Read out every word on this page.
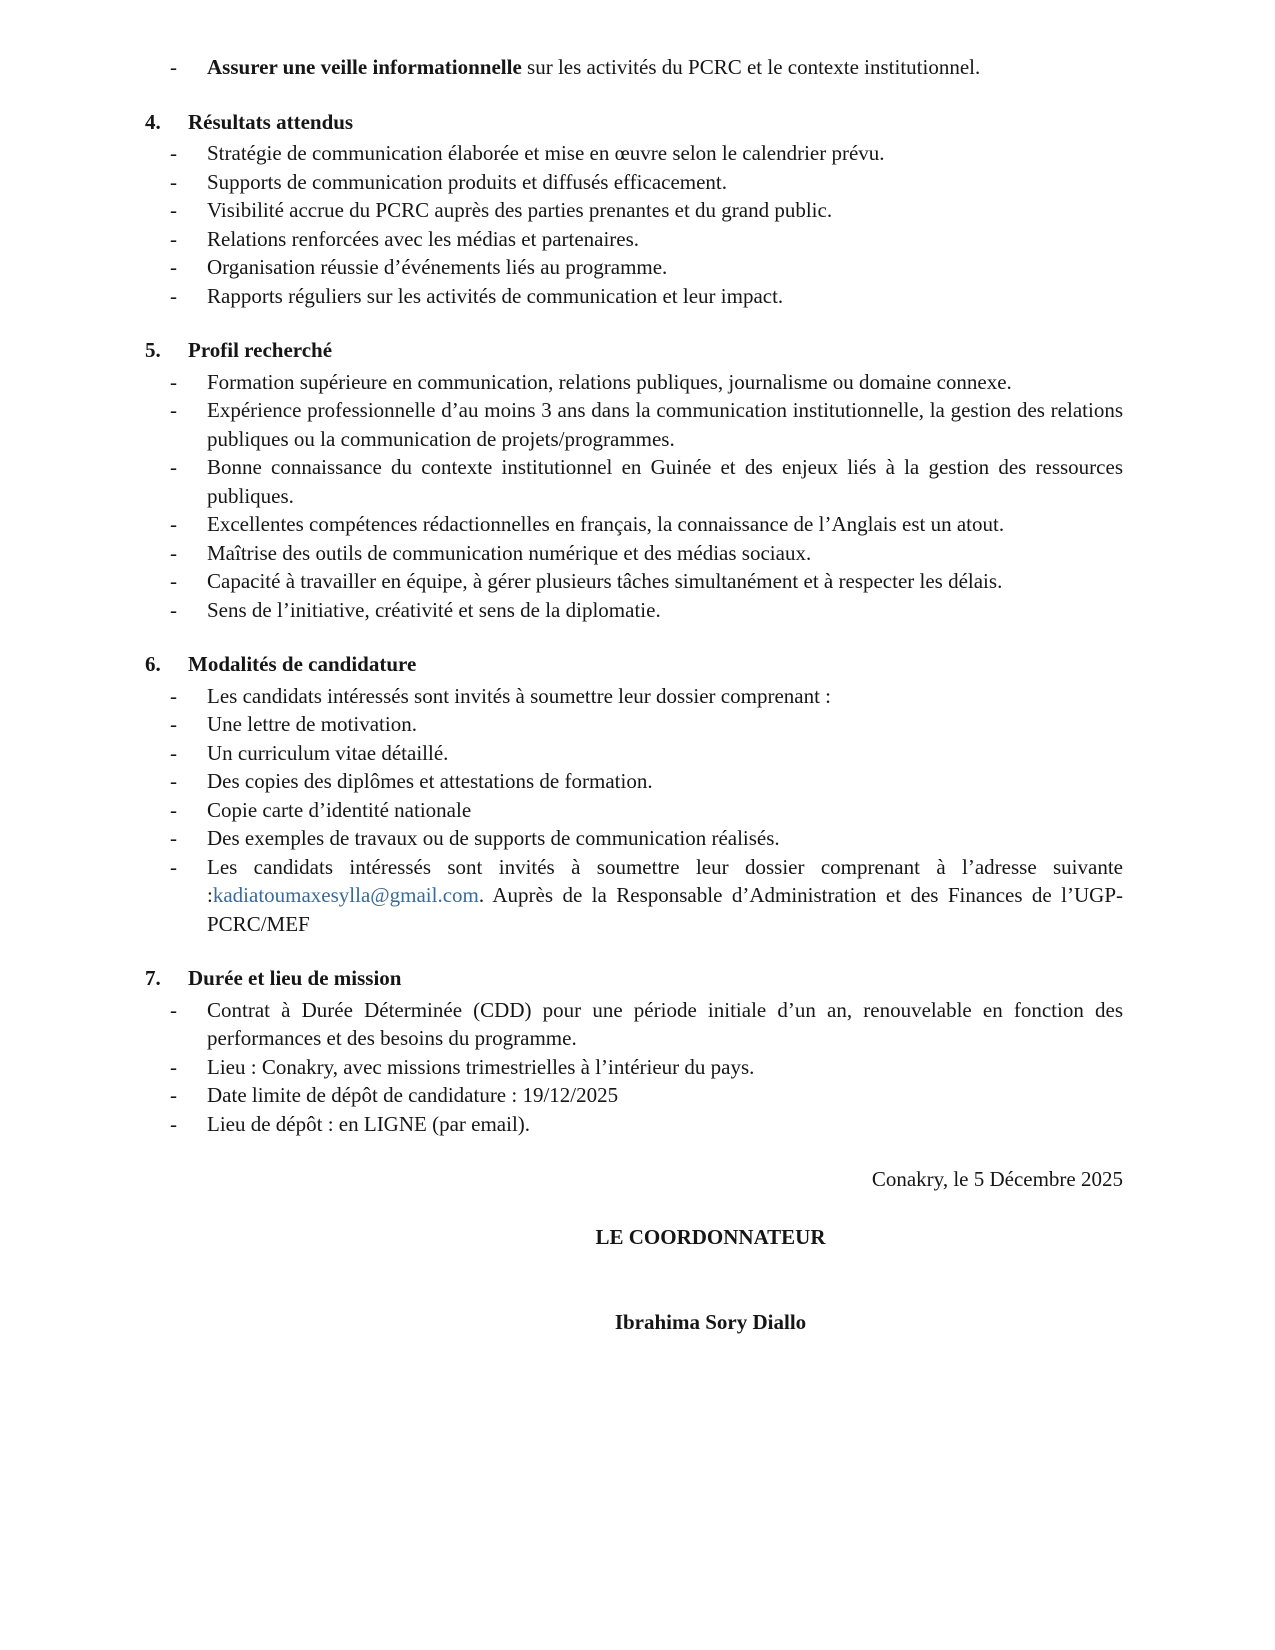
-	Assurer une veille informationnelle sur les activités du PCRC et le contexte institutionnel.
4.	Résultats attendus
-	Stratégie de communication élaborée et mise en œuvre selon le calendrier prévu.
-	Supports de communication produits et diffusés efficacement.
-	Visibilité accrue du PCRC auprès des parties prenantes et du grand public.
-	Relations renforcées avec les médias et partenaires.
-	Organisation réussie d’événements liés au programme.
-	Rapports réguliers sur les activités de communication et leur impact.
5.	Profil recherché
-	Formation supérieure en communication, relations publiques, journalisme ou domaine connexe.
-	Expérience professionnelle d’au moins 3 ans dans la communication institutionnelle, la gestion des relations publiques ou la communication de projets/programmes.
-	Bonne connaissance du contexte institutionnel en Guinée et des enjeux liés à la gestion des ressources publiques.
-	Excellentes compétences rédactionnelles en français, la connaissance de l’Anglais est un atout.
-	Maîtrise des outils de communication numérique et des médias sociaux.
-	Capacité à travailler en équipe, à gérer plusieurs tâches simultanément et à respecter les délais.
-	Sens de l’initiative, créativité et sens de la diplomatie.
6.	Modalités de candidature
-	Les candidats intéressés sont invités à soumettre leur dossier comprenant :
-	Une lettre de motivation.
-	Un curriculum vitae détaillé.
-	Des copies des diplômes et attestations de formation.
-	Copie carte d’identité nationale
-	Des exemples de travaux ou de supports de communication réalisés.
-	Les candidats intéressés sont invités à soumettre leur dossier comprenant à l’adresse suivante :kadiatoumaxesylla@gmail.com. Auprès de la Responsable d’Administration et des Finances de l’UGP-PCRC/MEF
7.	Durée et lieu de mission
-	Contrat à Durée Déterminée (CDD) pour une période initiale d’un an, renouvelable en fonction des performances et des besoins du programme.
-	Lieu : Conakry, avec missions trimestrielles à l’intérieur du pays.
-	Date limite de dépôt de candidature : 19/12/2025
-	Lieu de dépôt : en LIGNE (par email).
Conakry, le 5 Décembre 2025
LE COORDONNATEUR
Ibrahima Sory Diallo
